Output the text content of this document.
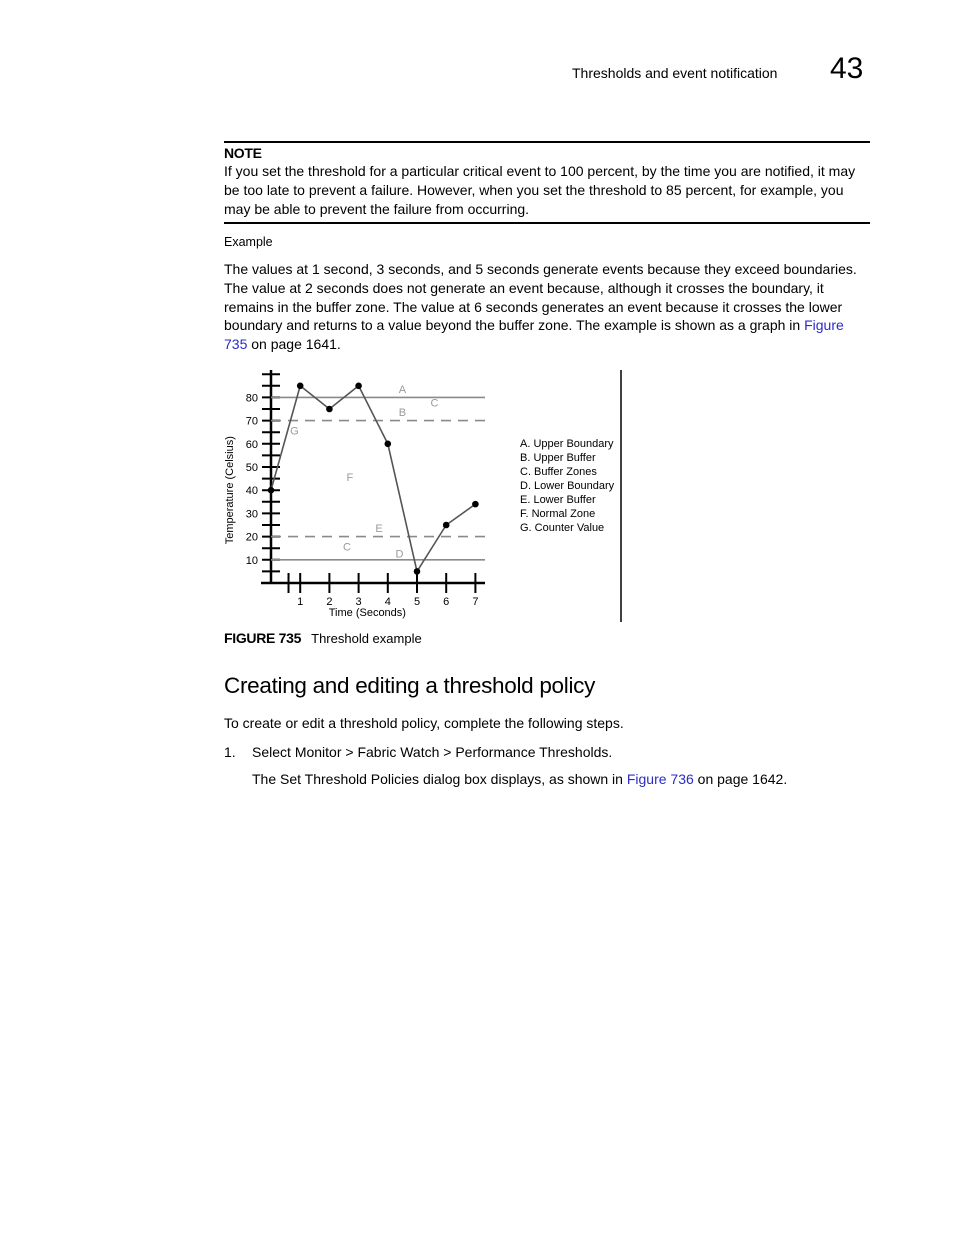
Thresholds and event notification 43
NOTE
If you set the threshold for a particular critical event to 100 percent, by the time you are notified, it may be too late to prevent a failure. However, when you set the threshold to 85 percent, for example, you may be able to prevent the failure from occurring.
Example
The values at 1 second, 3 seconds, and 5 seconds generate events because they exceed boundaries. The value at 2 seconds does not generate an event because, although it crosses the boundary, it remains in the buffer zone. The value at 6 seconds generates an event because it crosses the lower boundary and returns to a value beyond the buffer zone. The example is shown as a graph in Figure 735 on page 1641.
10
20
30
40
50
60
70
80
1 2 3 4 5 6 7
Time (Seconds)
Temperature (Celsius)
A
B
C
G
F
E
C
D
A. Upper Boundary
B. Upper Buffer
C. Buffer Zones
D. Lower Boundary
E. Lower Buffer
F. Normal Zone
G. Counter Value
FIGURE 735 Threshold example
Creating and editing a threshold policy
To create or edit a threshold policy, complete the following steps.
1. Select Monitor > Fabric Watch > Performance Thresholds.
The Set Threshold Policies dialog box displays, as shown in Figure 736 on page 1642.
